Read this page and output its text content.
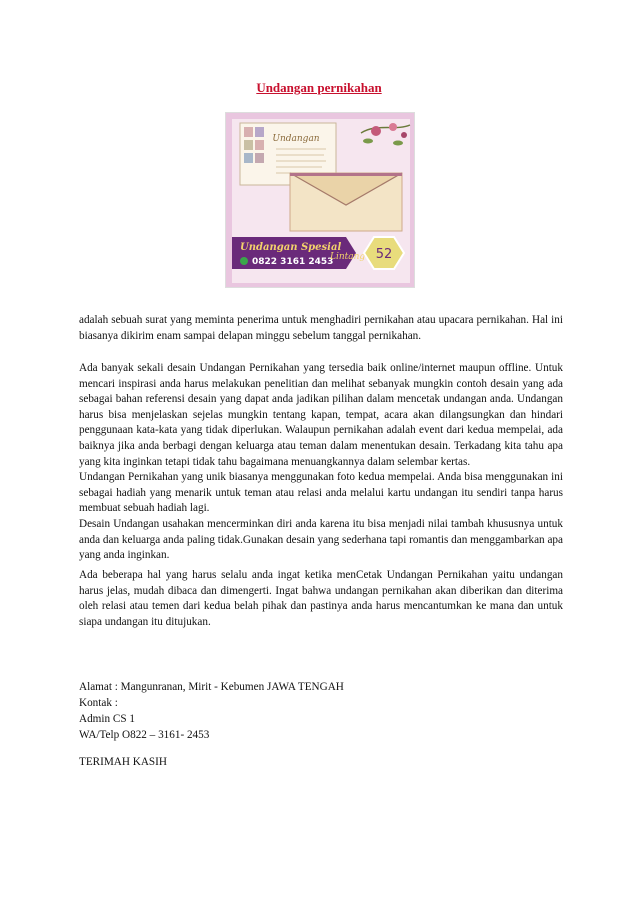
Undangan pernikahan
Undangan
Undangan Spesial
0822 3161 2453
Lintang 52

adalah sebuah surat yang meminta penerima untuk menghadiri pernikahan atau upacara pernikahan. Hal ini biasanya dikirim enam sampai delapan minggu sebelum tanggal pernikahan.

Ada banyak sekali desain Undangan Pernikahan yang tersedia baik online/internet maupun offline. Untuk mencari inspirasi anda harus melakukan penelitian dan melihat sebanyak mungkin contoh desain yang ada sebagai bahan referensi desain yang dapat anda jadikan pilihan dalam mencetak undangan anda. Undangan harus bisa menjelaskan sejelas mungkin tentang kapan, tempat, acara akan dilangsungkan dan hindari penggunaan kata-kata yang tidak diperlukan. Walaupun pernikahan adalah event dari kedua mempelai, ada baiknya jika anda berbagi dengan keluarga atau teman dalam menentukan desain. Terkadang kita tahu apa yang kita inginkan tetapi tidak tahu bagaimana menuangkannya dalam selembar kertas.
Undangan Pernikahan yang unik biasanya menggunakan foto kedua mempelai. Anda bisa menggunakan ini sebagai hadiah yang menarik untuk teman atau relasi anda melalui kartu undangan itu sendiri tanpa harus membuat sebuah hadiah lagi.
Desain Undangan usahakan mencerminkan diri anda karena itu bisa menjadi nilai tambah khususnya untuk anda dan keluarga anda paling tidak.Gunakan desain yang sederhana tapi romantis dan menggambarkan apa yang anda inginkan.

Ada beberapa hal yang harus selalu anda ingat ketika menCetak Undangan Pernikahan yaitu undangan harus jelas, mudah dibaca dan dimengerti. Ingat bahwa undangan pernikahan akan diberikan dan diterima oleh relasi atau temen dari kedua belah pihak dan pastinya anda harus mencantumkan ke mana dan untuk siapa undangan itu ditujukan.

Alamat : Mangunranan, Mirit - Kebumen JAWA TENGAH
Kontak :
Admin CS 1
WA/Telp O822 – 3161- 2453
TERIMAH KASIH
